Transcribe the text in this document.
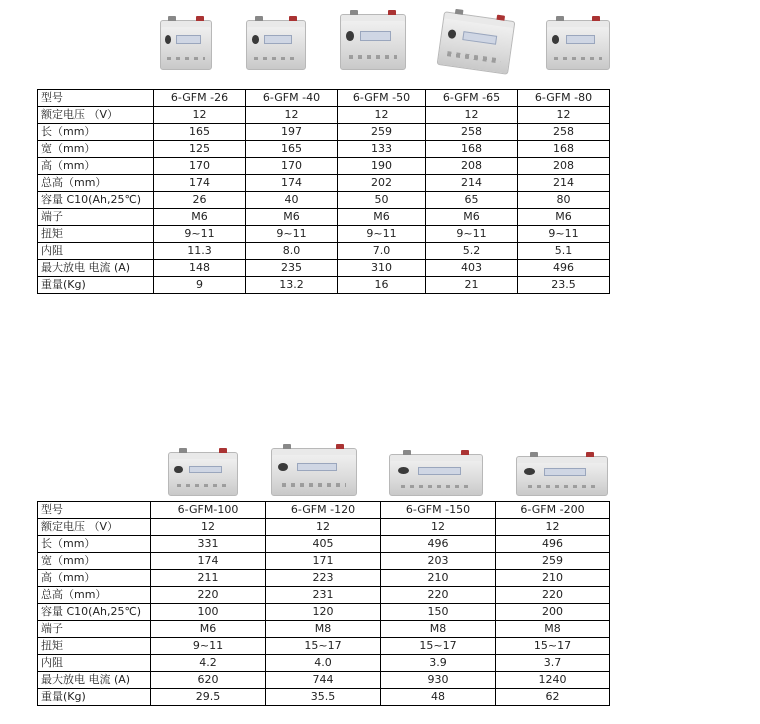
型号	6-GFM -26	6-GFM -40	6-GFM -50	6-GFM -65	6-GFM -80
额定电压 （V）	12	12	12	12	12
长（mm）	165	197	259	258	258
宽（mm）	125	165	133	168	168
高（mm）	170	170	190	208	208
总高（mm）	174	174	202	214	214
容量 C10(Ah,25℃)	26	40	50	65	80
端子	M6	M6	M6	M6	M6
扭矩	9~11	9~11	9~11	9~11	9~11
内阻	11.3	8.0	7.0	5.2	5.1
最大放电 电流 (A)	148	235	310	403	496
重量(Kg)	9	13.2	16	21	23.5
型号	6-GFM-100	6-GFM -120	6-GFM -150	6-GFM -200
额定电压 （V）	12	12	12	12
长（mm）	331	405	496	496
宽（mm）	174	171	203	259
高（mm）	211	223	210	210
总高（mm）	220	231	220	220
容量 C10(Ah,25℃)	100	120	150	200
端子	M6	M8	M8	M8
扭矩	9~11	15~17	15~17	15~17
内阻	4.2	4.0	3.9	3.7
最大放电 电流 (A)	620	744	930	1240
重量(Kg)	29.5	35.5	48	62
